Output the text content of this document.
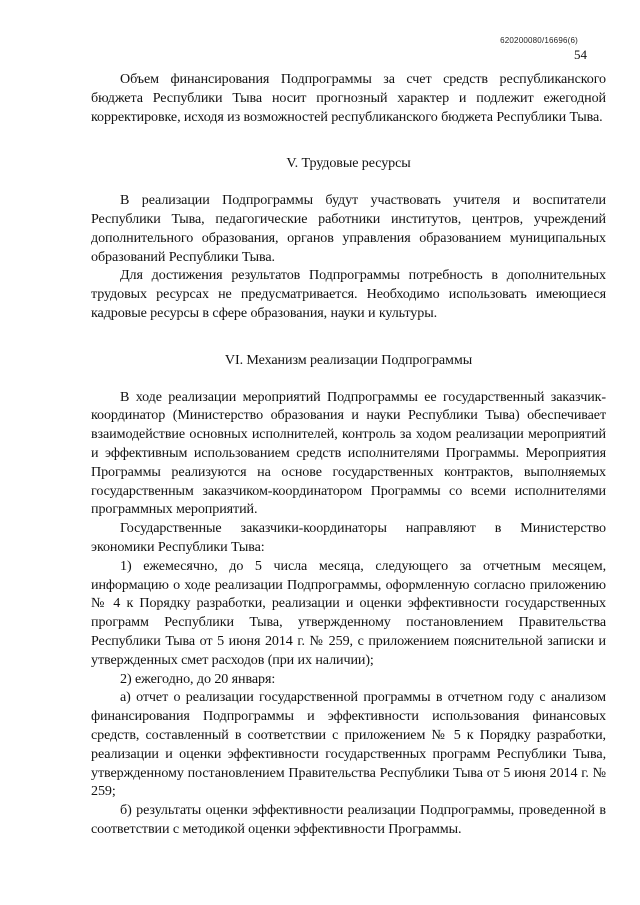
620200080/16696(6)
54

Объем финансирования Подпрограммы за счет средств республиканского бюджета Республики Тыва носит прогнозный характер и подлежит ежегодной корректировке, исходя из возможностей республиканского бюджета Республики Тыва.

V. Трудовые ресурсы

В реализации Подпрограммы будут участвовать учителя и воспитатели Республики Тыва, педагогические работники институтов, центров, учреждений дополнительного образования, органов управления образованием муниципальных образований Республики Тыва.

Для достижения результатов Подпрограммы потребность в дополнительных трудовых ресурсах не предусматривается. Необходимо использовать имеющиеся кадровые ресурсы в сфере образования, науки и культуры.

VI. Механизм реализации Подпрограммы

В ходе реализации мероприятий Подпрограммы ее государственный заказчик-координатор (Министерство образования и науки Республики Тыва) обеспечивает взаимодействие основных исполнителей, контроль за ходом реализации мероприятий и эффективным использованием средств исполнителями Программы. Мероприятия Программы реализуются на основе государственных контрактов, выполняемых государственным заказчиком-координатором Программы со всеми исполнителями программных мероприятий.

Государственные заказчики-координаторы направляют в Министерство экономики Республики Тыва:

1) ежемесячно, до 5 числа месяца, следующего за отчетным месяцем, информацию о ходе реализации Подпрограммы, оформленную согласно приложению № 4 к Порядку разработки, реализации и оценки эффективности государственных программ Республики Тыва, утвержденному постановлением Правительства Республики Тыва от 5 июня 2014 г. № 259, с приложением пояснительной записки и утвержденных смет расходов (при их наличии);

2) ежегодно, до 20 января:

а) отчет о реализации государственной программы в отчетном году с анализом финансирования Подпрограммы и эффективности использования финансовых средств, составленный в соответствии с приложением № 5 к Порядку разработки, реализации и оценки эффективности государственных программ Республики Тыва, утвержденному постановлением Правительства Республики Тыва от 5 июня 2014 г. № 259;

б) результаты оценки эффективности реализации Подпрограммы, проведенной в соответствии с методикой оценки эффективности Программы.
